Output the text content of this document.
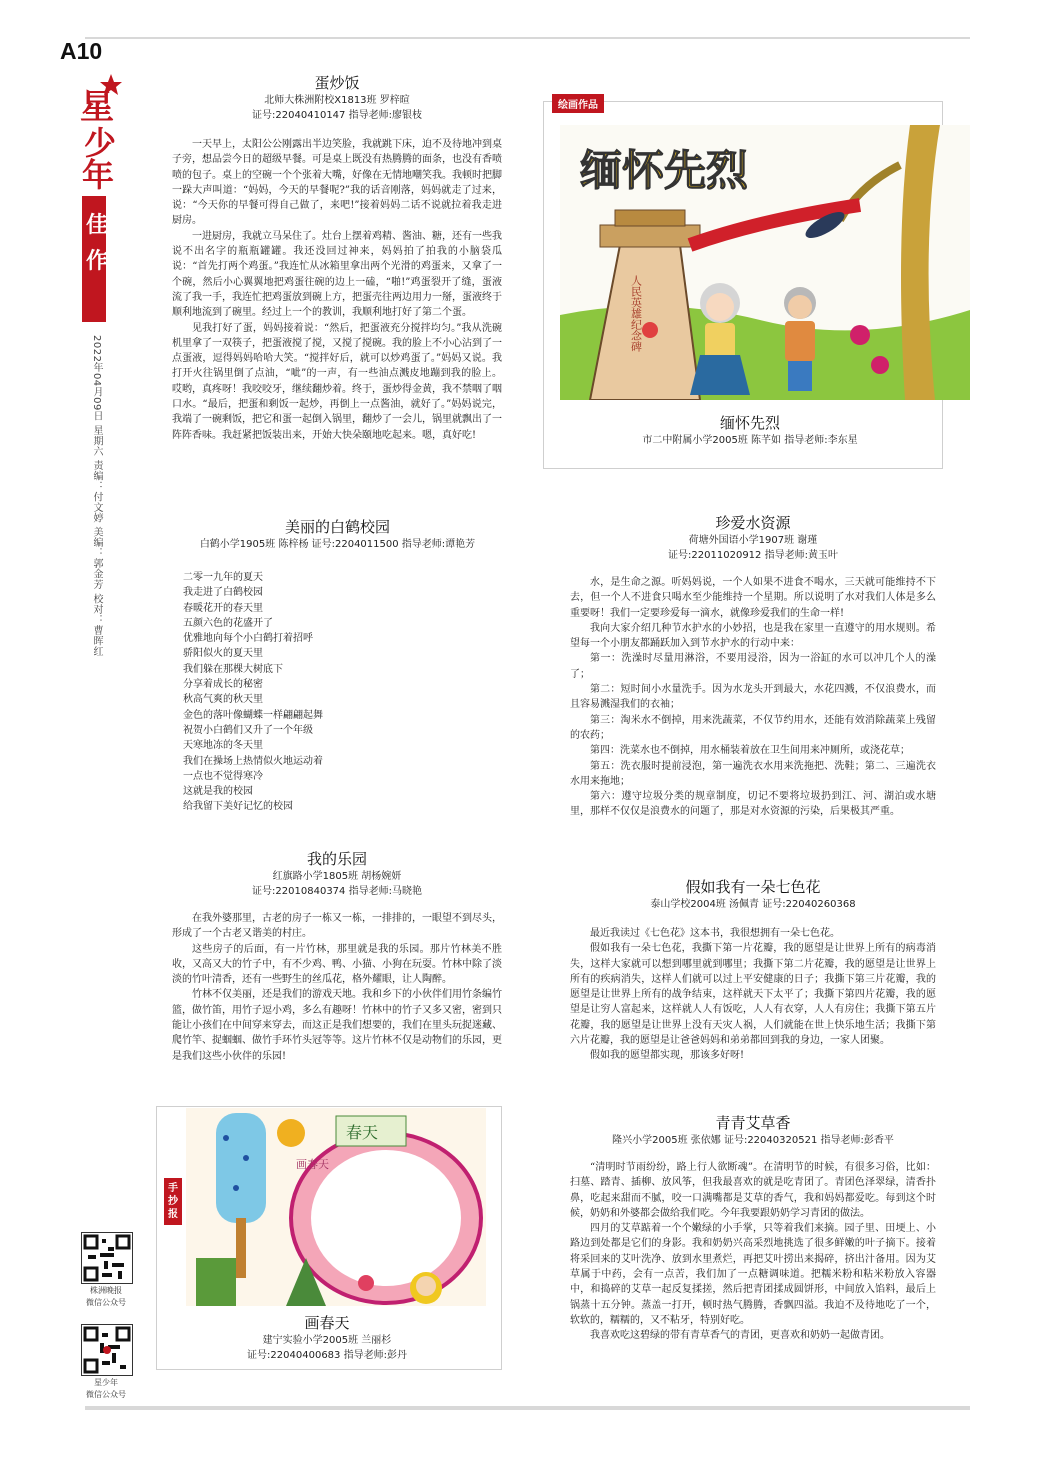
A10
星
少
年
佳作
2022年04月09日 星期六 责编：付文婷 美编：郭金芳 校对：曹晖红
株洲晚报
微信公众号
星少年
微信公众号
蛋炒饭
北师大株洲附校X1813班 罗梓暄
证号:22040410147 指导老师:廖银枝

一天早上，太阳公公刚露出半边笑脸，我就跳下床，迫不及待地冲到桌子旁，想品尝今日的超级早餐。可是桌上既没有热腾腾的面条，也没有香喷喷的包子。桌上的空碗一个个张着大嘴，好像在无情地嘲笑我。我顿时把脚一跺大声叫道：“妈妈，今天的早餐呢?”我的话音刚落，妈妈就走了过来，说：“今天你的早餐可得自己做了，来吧!”接着妈妈二话不说就拉着我走进厨房。

一进厨房，我就立马呆住了。灶台上摆着鸡精、酱油、糖，还有一些我说不出名字的瓶瓶罐罐。我还没回过神来，妈妈拍了拍我的小脑袋瓜说：“首先打两个鸡蛋。”我连忙从冰箱里拿出两个光滑的鸡蛋来，又拿了一个碗，然后小心翼翼地把鸡蛋往碗的边上一磕，“啪!”鸡蛋裂开了缝，蛋液流了我一手，我连忙把鸡蛋放到碗上方，把蛋壳往两边用力一掰，蛋液终于顺利地流到了碗里。经过上一个的教训，我顺利地打好了第二个蛋。

见我打好了蛋，妈妈接着说：“然后，把蛋液充分搅拌均匀。”我从洗碗机里拿了一双筷子，把蛋液搅了搅，又搅了搅碗。我的脸上不小心沾到了一点蛋液，逗得妈妈哈哈大笑。“搅拌好后，就可以炒鸡蛋了。”妈妈又说。我打开火往锅里倒了点油，“呲”的一声，有一些油点溅皮地蹦到我的脸上。哎哟，真疼呀！我咬咬牙，继续翻炒着。终于，蛋炒得金黄，我不禁咽了咽口水。“最后，把蛋和剩饭一起炒，再倒上一点酱油，就好了。”妈妈说完，我端了一碗剩饭，把它和蛋一起倒入锅里，翻炒了一会儿，锅里就飘出了一阵阵香味。我赶紧把饭装出来，开始大快朵颐地吃起来。嗯，真好吃!

绘画作品
缅怀先烈
人民英雄纪念碑
缅怀先烈
市二中附属小学2005班 陈芊如 指导老师:李东星
美丽的白鹤校园
白鹤小学1905班 陈梓杨 证号:22040115​00 指导老师:谭艳芳
二零一九年的夏天
我走进了白鹤校园
春暖花开的春天里
五颜六色的花盛开了
优雅地向每个小白鹤打着招呼
骄阳似火的夏天里
我们躲在那棵大树底下
分享着成长的秘密
秋高气爽的秋天里
金色的落叶像蝴蝶一样翩翩起舞
祝贺小白鹤们又升了一个年级
天寒地冻的冬天里
我们在操场上热情似火地运动着
一点也不觉得寒冷
这就是我的校园
给我留下美好记忆的校园
珍爱水资源
荷塘外国语小学1907班 谢瑾
证号:22011020912 指导老师:黄玉叶

水，是生命之源。听妈妈说，一个人如果不进食不喝水，三天就可能维持不下去，但一个人不进食只喝水至少能维持一个星期。所以说明了水对我们人体是多么重要呀！我们一定要珍爱每一滴水，就像珍爱我们的生命一样!

我向大家介绍几种节水护水的小妙招，也是我在家里一直遵守的用水规则。希望每一个小朋友都踊跃加入到节水护水的行动中来：

第一：洗澡时尽量用淋浴，不要用浸浴，因为一浴缸的水可以冲几个人的澡了；

第二：短时间小水量洗手。因为水龙头开到最大，水花四溅，不仅浪费水，而且容易溅湿我们的衣袖；

第三：淘米水不倒掉，用来洗蔬菜，不仅节约用水，还能有效消除蔬菜上残留的农药；

第四：洗菜水也不倒掉，用水桶装着放在卫生间用来冲厕所，或浇花草；

第五：洗衣服时提前浸泡，第一遍洗衣水用来洗拖把、洗鞋；第二、三遍洗衣水用来拖地；

第六：遵守垃圾分类的规章制度，切记不要将垃圾扔到江、河、湖泊或水塘里，那样不仅仅是浪费水的问题了，那是对水资源的污染，后果极其严重。

我的乐园
红旗路小学1805班 胡杨婉妍
证号:22010840374 指导老师:马晓艳

在我外婆那里，古老的房子一栋又一栋，一排排的，一眼望不到尽头，形成了一个古老又谐美的村庄。

这些房子的后面，有一片竹林，那里就是我的乐园。那片竹林美不胜收，又高又大的竹子中，有不少鸡、鸭、小猫、小狗在玩耍。竹林中除了淡淡的竹叶清香，还有一些野生的丝瓜花，格外耀眼，让人陶醉。

竹林不仅美丽，还是我们的游戏天地。我和乡下的小伙伴们用竹条编竹篮，做竹笛，用竹子逗小鸡，多么有趣呀！竹林中的竹子又多又密，密到只能让小孩们在中间穿来穿去，而这正是我们想要的，我们在里头玩捉迷藏、爬竹竿、捉蝈蝈、做竹手环竹头冠等等。这片竹林不仅是动物们的乐园，更是我们这些小伙伴的乐园!

假如我有一朵七色花
泰山学校2004班 汤佩青 证号:22040260368

最近我读过《七色花》这本书，我很想拥有一朵七色花。

假如我有一朵七色花，我撕下第一片花瓣，我的愿望是让世界上所有的病毒消失，这样大家就可以想到哪里就到哪里；我撕下第二片花瓣，我的愿望是让世界上所有的疾病消失，这样人们就可以过上平安健康的日子；我撕下第三片花瓣，我的愿望是让世界上所有的战争结束，这样就天下太平了；我撕下第四片花瓣，我的愿望是让穷人富起来，这样就人人有饭吃，人人有衣穿，人人有房住；我撕下第五片花瓣，我的愿望是让世界上没有天灾人祸，人们就能在世上快乐地生活；我撕下第六片花瓣，我的愿望是让爸爸妈妈和弟弟都回到我的身边，一家人团聚。

假如我的愿望都实现，那该多好呀!

手抄报
春天
画春天
画春天
建宁实验小学2005班 兰丽杉
证号:22040400683 指导老师:彭丹
青青艾草香
隆兴小学2005班 张依娜 证号:22040320521 指导老师:彭香平

“清明时节雨纷纷，路上行人欲断魂”。在清明节的时候，有很多习俗，比如：扫墓、踏青、插柳、放风筝，但我最喜欢的就是吃青团了。青团色泽翠绿，清香扑鼻，吃起来甜而不腻，咬一口满嘴都是艾草的香气，我和妈妈都爱吃。每到这个时候，奶奶和外婆都会做给我们吃。今年我要跟奶奶学习青团的做法。

四月的艾草踮着一个个嫩绿的小手掌，只等着我们来摘。园子里、田埂上、小路边到处都是它们的身影。我和奶奶兴高采烈地挑选了很多鲜嫩的叶子摘下。接着将采回来的艾叶洗净、放到水里煮烂，再把艾叶捞出来揭碎，挤出汁备用。因为艾草属于中药，会有一点苦，我们加了一点糖调味道。把糯米粉和粘米粉放入容器中，和捣碎的艾草一起反复揉搓，然后把青团揉成圆饼形，中间放入馅料，最后上锅蒸十五分钟。蒸盖一打开，顿时热气腾腾，香飘四溢。我迫不及待地吃了一个，软软的，糯糯的，又不粘牙，特别好吃。

我喜欢吃这碧绿的带有青草香气的青团，更喜欢和奶奶一起做青团。
